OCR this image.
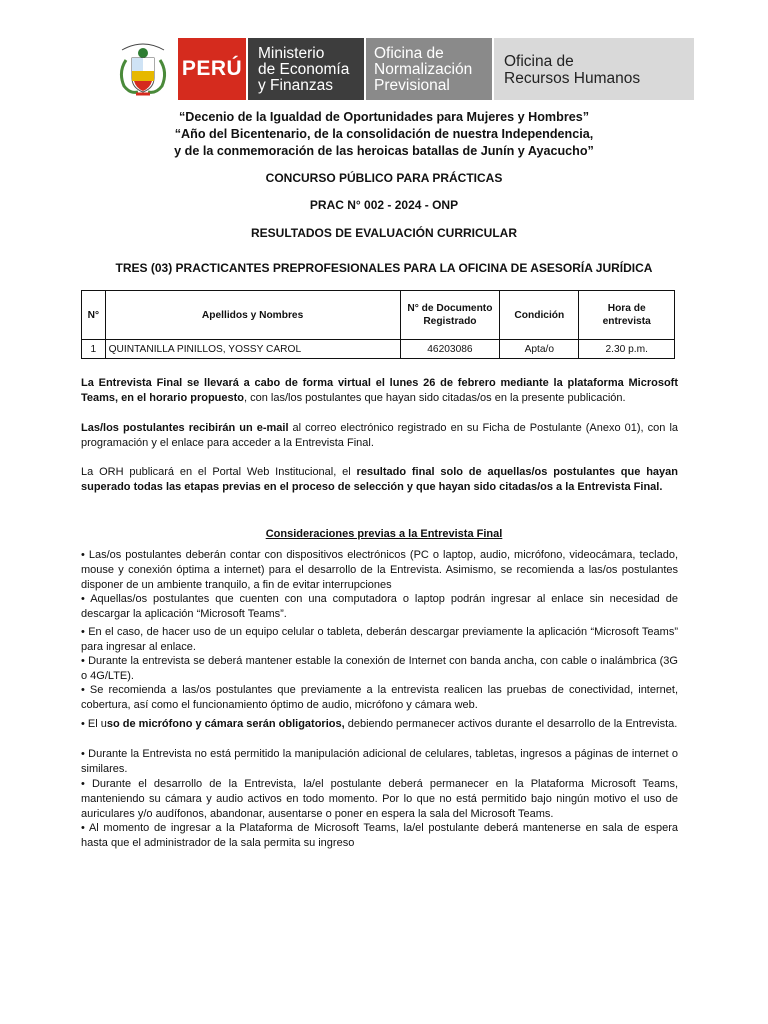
PERÚ
Ministerio
de Economía
y Finanzas
Oficina de
Normalización
Previsional
Oficina de
Recursos Humanos
“Decenio de la Igualdad de Oportunidades para Mujeres y Hombres”
“Año del Bicentenario, de la consolidación de nuestra Independencia,
y de la conmemoración de las heroicas batallas de Junín y Ayacucho”
CONCURSO PÚBLICO PARA PRÁCTICAS
PRAC N° 002 - 2024 - ONP
RESULTADOS DE EVALUACIÓN CURRICULAR
TRES (03) PRACTICANTES PREPROFESIONALES PARA LA OFICINA DE ASESORÍA JURÍDICA
N°	Apellidos y Nombres	N° de Documento Registrado	Condición	Hora de entrevista
1	QUINTANILLA PINILLOS, YOSSY CAROL	46203086	Apta/o	2.30 p.m.
La Entrevista Final se llevará a cabo de forma virtual el lunes 26 de febrero mediante la plataforma Microsoft Teams, en el horario propuesto, con las/los postulantes que hayan sido citadas/os en la presente publicación.
Las/los postulantes recibirán un e-mail al correo electrónico registrado en su Ficha de Postulante (Anexo 01), con la programación y el enlace para acceder a la Entrevista Final.
La ORH publicará en el Portal Web Institucional, el resultado final solo de aquellas/os postulantes que hayan superado todas las etapas previas en el proceso de selección y que hayan sido citadas/os a la Entrevista Final.
Consideraciones previas a la Entrevista Final
• Las/os postulantes deberán contar con dispositivos electrónicos (PC o laptop, audio, micrófono, videocámara, teclado, mouse y conexión óptima a internet) para el desarrollo de la Entrevista. Asimismo, se recomienda a las/os postulantes disponer de un ambiente tranquilo, a fin de evitar interrupciones
• Aquellas/os postulantes que cuenten con una computadora o laptop podrán ingresar al enlace sin necesidad de descargar la aplicación “Microsoft Teams”.
• En el caso, de hacer uso de un equipo celular o tableta, deberán descargar previamente la aplicación “Microsoft Teams” para ingresar al enlace.
• Durante la entrevista se deberá mantener estable la conexión de Internet con banda ancha, con cable o inalámbrica (3G o 4G/LTE).
• Se recomienda a las/os postulantes que previamente a la entrevista realicen las pruebas de conectividad, internet, cobertura, así como el funcionamiento óptimo de audio, micrófono y cámara web.
• El uso de micrófono y cámara serán obligatorios, debiendo permanecer activos durante el desarrollo de la Entrevista.
• Durante la Entrevista no está permitido la manipulación adicional de celulares, tabletas, ingresos a páginas de internet o similares.
• Durante el desarrollo de la Entrevista, la/el postulante deberá permanecer en la Plataforma Microsoft Teams, manteniendo su cámara y audio activos en todo momento. Por lo que no está permitido bajo ningún motivo el uso de auriculares y/o audífonos, abandonar, ausentarse o poner en espera la sala del Microsoft Teams.
• Al momento de ingresar a la Plataforma de Microsoft Teams, la/el postulante deberá mantenerse en sala de espera hasta que el administrador de la sala permita su ingreso
